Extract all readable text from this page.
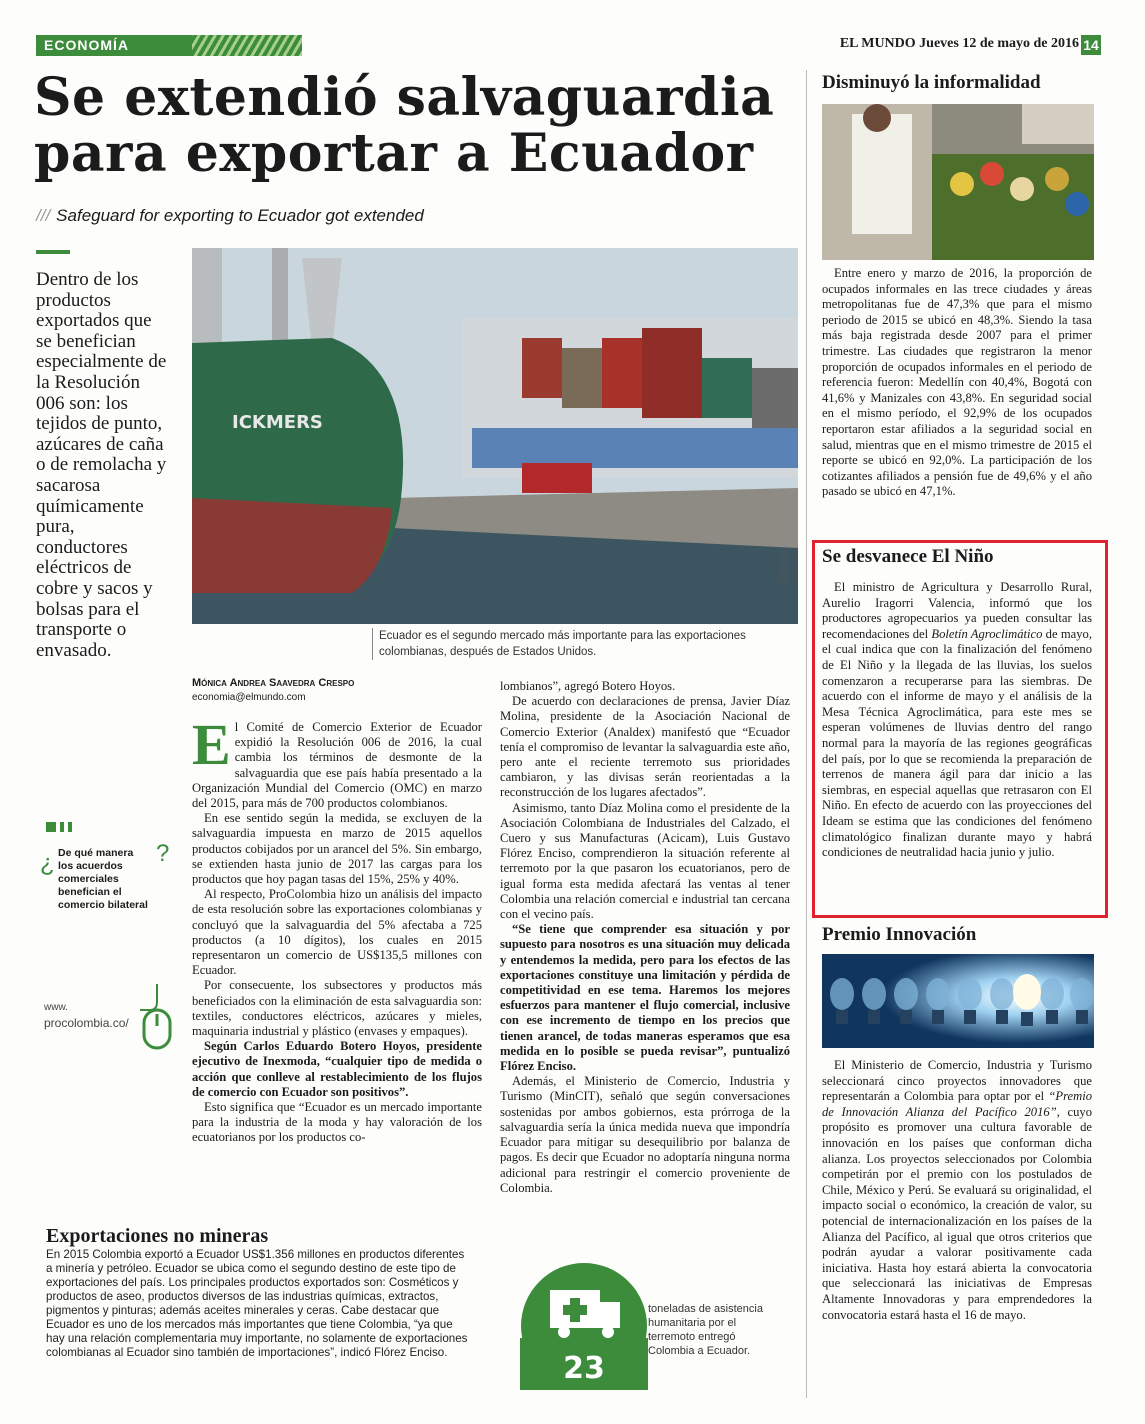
ECONOMÍA	EL MUNDO Jueves 12 de mayo de 2016 14
Se extendió salvaguardia
para exportar a Ecuador
/// Safeguard for exporting to Ecuador got extended
Dentro de los productos exportados que se benefician especialmente de la Resolución 006 son: los tejidos de punto, azúcares de caña o de remolacha y sacarosa químicamente pura, conductores eléctricos de cobre y sacos y bolsas para el transporte o envasado.
ICKMERS
Cortesía
Ecuador es el segundo mercado más importante para las exportaciones colombianas, después de Estados Unidos.
Mónica Andrea Saavedra Crespo
economia@elmundo.com

El Comité de Comercio Exterior de Ecuador expidió la Resolución 006 de 2016, la cual cambia los términos de desmonte de la salvaguardia que ese país había presentado a la Organización Mundial del Comercio (OMC) en marzo del 2015, para más de 700 productos colombianos.

En ese sentido según la medida, se excluyen de la salvaguardia impuesta en marzo de 2015 aquellos productos cobijados por un arancel del 5%. Sin embargo, se extienden hasta junio de 2017 las cargas para los productos que hoy pagan tasas del 15%, 25% y 40%.

Al respecto, ProColombia hizo un análisis del impacto de esta resolución sobre las exportaciones colombianas y concluyó que la salvaguardia del 5% afectaba a 725 productos (a 10 dígitos), los cuales en 2015 representaron un comercio de US$135,5 millones con Ecuador.

Por consecuente, los subsectores y productos más beneficiados con la eliminación de esta salvaguardia son: textiles, conductores eléctricos, azúcares y mieles, maquinaria industrial y plástico (envases y empaques).

Según Carlos Eduardo Botero Hoyos, presidente ejecutivo de Inexmoda, “cualquier tipo de medida o acción que conlleve al restablecimiento de los flujos de comercio con Ecuador son positivos”.

Esto significa que “Ecuador es un mercado importante para la industria de la moda y hay valoración de los ecuatorianos por los productos co-

lombianos”, agregó Botero Hoyos.

De acuerdo con declaraciones de prensa, Javier Díaz Molina, presidente de la Asociación Nacional de Comercio Exterior (Analdex) manifestó que “Ecuador tenía el compromiso de levantar la salvaguardia este año, pero ante el reciente terremoto sus prioridades cambiaron, y las divisas serán reorientadas a la reconstrucción de los lugares afectados”.

Asimismo, tanto Díaz Molina como el presidente de la Asociación Colombiana de Industriales del Calzado, el Cuero y sus Manufacturas (Acicam), Luis Gustavo Flórez Enciso, comprendieron la situación referente al terremoto por la que pasaron los ecuatorianos, pero de igual forma esta medida afectará las ventas al tener Colombia una relación comercial e industrial tan cercana con el vecino país.

“Se tiene que comprender esa situación y por supuesto para nosotros es una situación muy delicada y entendemos la medida, pero para los efectos de las exportaciones constituye una limitación y pérdida de competitividad en ese tema. Haremos los mejores esfuerzos para mantener el flujo comercial, inclusive con ese incremento de tiempo en los precios que tienen arancel, de todas maneras esperamos que esa medida en lo posible se pueda revisar”, puntualizó Flórez Enciso.

Además, el Ministerio de Comercio, Industria y Turismo (MinCIT), señaló que según conversaciones sostenidas por ambos gobiernos, esta prórroga de la salvaguardia sería la única medida nueva que impondría Ecuador para mitigar su desequilibrio por balanza de pagos. Es decir que Ecuador no adoptaría ninguna norma adicional para restringir el comercio proveniente de Colombia.

¿ De qué manera los acuerdos comerciales benefician el comercio bilateral
?
www.
procolombia.co/
Exportaciones no mineras
En 2015 Colombia exportó a Ecuador US$1.356 millones en productos diferentes a minería y petróleo. Ecuador se ubica como el segundo destino de este tipo de exportaciones del país. Los principales productos exportados son: Cosméticos y productos de aseo, productos diversos de las industrias químicas, extractos, pigmentos y pinturas; además aceites minerales y ceras. Cabe destacar que Ecuador es uno de los mercados más importantes que tiene Colombia, “ya que hay una relación complementaria muy importante, no solamente de exportaciones colombianas al Ecuador sino también de importaciones”, indicó Flórez Enciso.	23
toneladas de asistencia humanitaria por el terremoto entregó Colombia a Ecuador.
Disminuyó la informalidad
Entre enero y marzo de 2016, la proporción de ocupados informales en las trece ciudades y áreas metropolitanas fue de 47,3% que para el mismo periodo de 2015 se ubicó en 48,3%. Siendo la tasa más baja registrada desde 2007 para el primer trimestre. Las ciudades que registraron la menor proporción de ocupados informales en el periodo de referencia fueron: Medellín con 40,4%, Bogotá con 41,6% y Manizales con 43,8%. En seguridad social en el mismo período, el 92,9% de los ocupados reportaron estar afiliados a la seguridad social en salud, mientras que en el mismo trimestre de 2015 el reporte se ubicó en 92,0%. La participación de los cotizantes afiliados a pensión fue de 49,6% y el año pasado se ubicó en 47,1%.
Se desvanece El Niño
El ministro de Agricultura y Desarrollo Rural, Aurelio Iragorri Valencia, informó que los productores agropecuarios ya pueden consultar las recomendaciones del Boletín Agroclimático de mayo, el cual indica que con la finalización del fenómeno de El Niño y la llegada de las lluvias, los suelos comenzaron a recuperarse para las siembras. De acuerdo con el informe de mayo y el análisis de la Mesa Técnica Agroclimática, para este mes se esperan volúmenes de lluvias dentro del rango normal para la mayoría de las regiones geográficas del país, por lo que se recomienda la preparación de terrenos de manera ágil para dar inicio a las siembras, en especial aquellas que retrasaron con El Niño. En efecto de acuerdo con las proyecciones del Ideam se estima que las condiciones del fenómeno climatológico finalizan durante mayo y habrá condiciones de neutralidad hacia junio y julio.
Premio Innovación
El Ministerio de Comercio, Industria y Turismo seleccionará cinco proyectos innovadores que representarán a Colombia para optar por el “Premio de Innovación Alianza del Pacífico 2016”, cuyo propósito es promover una cultura favorable de innovación en los países que conforman dicha alianza. Los proyectos seleccionados por Colombia competirán por el premio con los postulados de Chile, México y Perú. Se evaluará su originalidad, el impacto social o económico, la creación de valor, su potencial de internacionalización en los países de la Alianza del Pacífico, al igual que otros criterios que podrán ayudar a valorar positivamente cada iniciativa. Hasta hoy estará abierta la convocatoria que seleccionará las iniciativas de Empresas Altamente Innovadoras y para emprendedores la convocatoria estará hasta el 16 de mayo.
